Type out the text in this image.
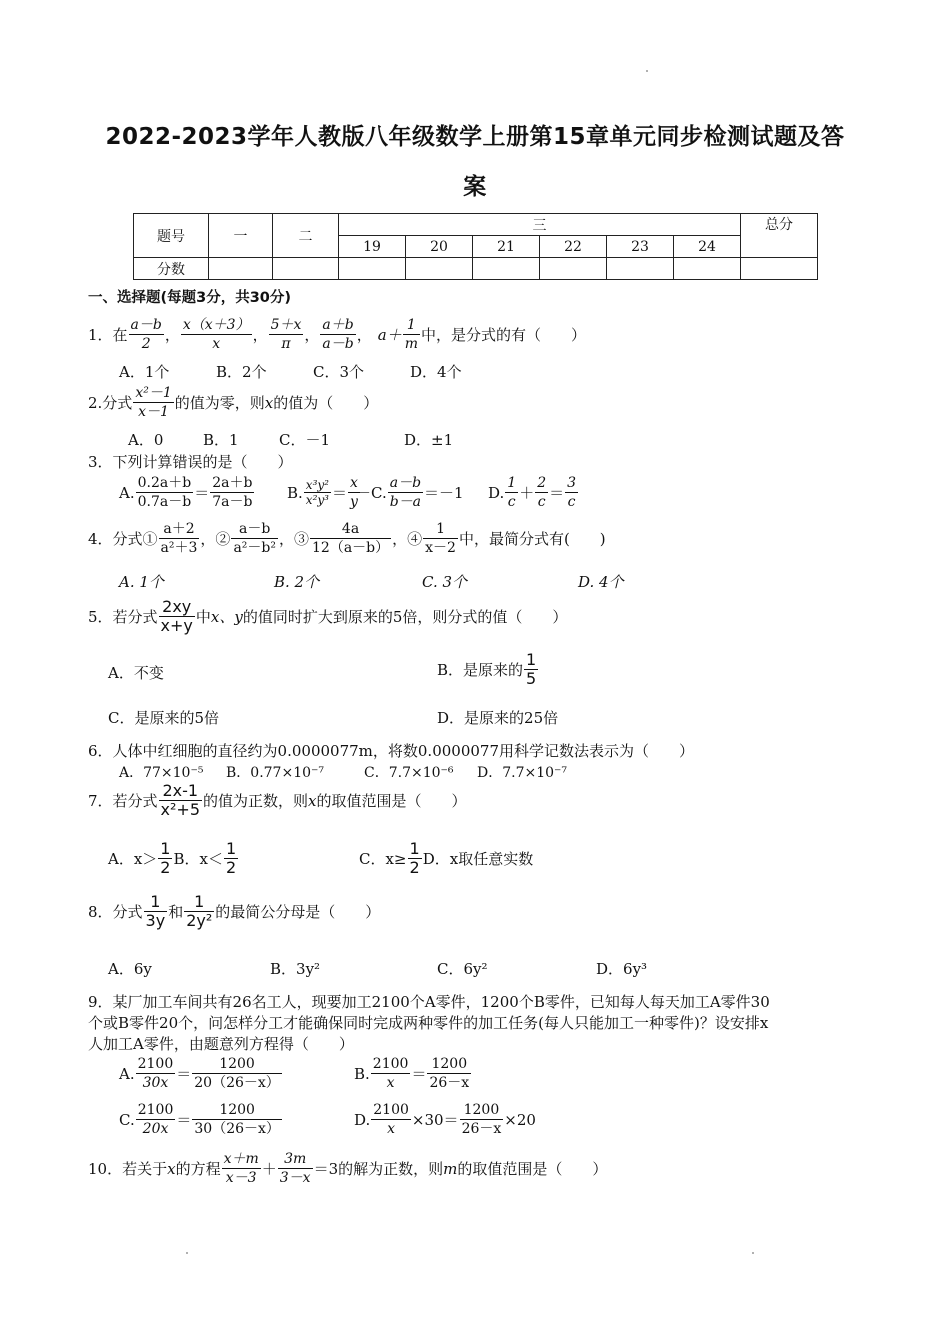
2022-2023学年人教版八年级数学上册第15章单元同步检测试题及答
案
题号	一	二	三						总分
			19	20	21	22	23	24	
分数									
一、选择题(每题3分，共30分)
1．在 $\frac{a-b}{2}$ ， $\frac{x(x+3)}{x}$ ， $\frac{5+x}{\pi}$ ， $\frac{a+b}{a-b}$ ， $a+ \frac{1}{m}$ 中，是分式的有（　　）
A．1个	B．2个	C．3个	D．4个
2.分式 $\frac{\text{x²－1}}{x-1}$ 的值为零，则 x 的值为（　　）
A．0	B．1	C．－1	D．±1
3．下列计算错误的是（　　）
A. $\frac{0.2a+b}{0.7a-b} = \frac{2a+b}{7a-b} B$. $\frac{\text{x³y²}}{\text{x²y³}} = \frac{x}{y}$
－C. $\frac{a-b}{b-a} =-1$ D. $\frac{1}{c} + \frac{2}{c} = \frac{3}{c}$
4．分式① $\frac{a+2}{\text{a²＋3}}$ ，② $\frac{a-b}{\text{a²－b²}}$ ，③ $\frac{4a}{12(a-b)}$ ，④ $\frac{1}{x-2}$ 中，最简分式有(　　)
A. 1个	B. 2个	C. 3个	D. 4个
5．若分式 $\frac{2xy}{x+y}$ 中 x、y 的值同时扩大到原来的5倍，则分式的值（　　）
A．不变	B．是原来的 $\frac{1}{5}$
C．是原来的5倍	D．是原来的25倍
6．人体中红细胞的直径约为0.0000077m，将数0.0000077用科学记数法表示为（　　）
A．77×10⁻⁵ B．0.77×10⁻⁷	C．7.7×10⁻⁶ D．7.7×10⁻⁷
7．若分式 $\frac{2x-1}{\text{x²+5}}$ 的值为正数，则 x 的取值范围是（　　）
A．$x> \frac{1}{2}$ B．$x< \frac{1}{2}$	C．$x\ge \frac{1}{2}$ D．x取任意实数
8．分式 $\frac{1}{3y}$ 和 $\frac{1}{\text{2y²}}$ 的最简公分母是（　　）
A．6y	B．3y²	C．6y²	D．6y³
9．某厂加工车间共有26名工人，现要加工2100个A零件，1200个B零件，已知每人每天加工A零件30
个或B零件20个，问怎样分工才能确保同时完成两种零件的加工任务(每人只能加工一种零件)？设安排x
人加工A零件，由题意列方程得（　　）
A. $\frac{2100}{30x} = \frac{1200}{20(26-x)}$	B. $\frac{2100}{x} = \frac{1200}{26-x}$
C. $\frac{2100}{20x} = \frac{1200}{30(26-x)}$	D. $\frac{2100}{x} \times 30= \frac{1200}{26-x} \times 20$
10．若关于 x 的方程 $\frac{x+m}{x-3} + \frac{3m}{3-x} =3$的解为正数，则 m 的取值范围是（　　）
